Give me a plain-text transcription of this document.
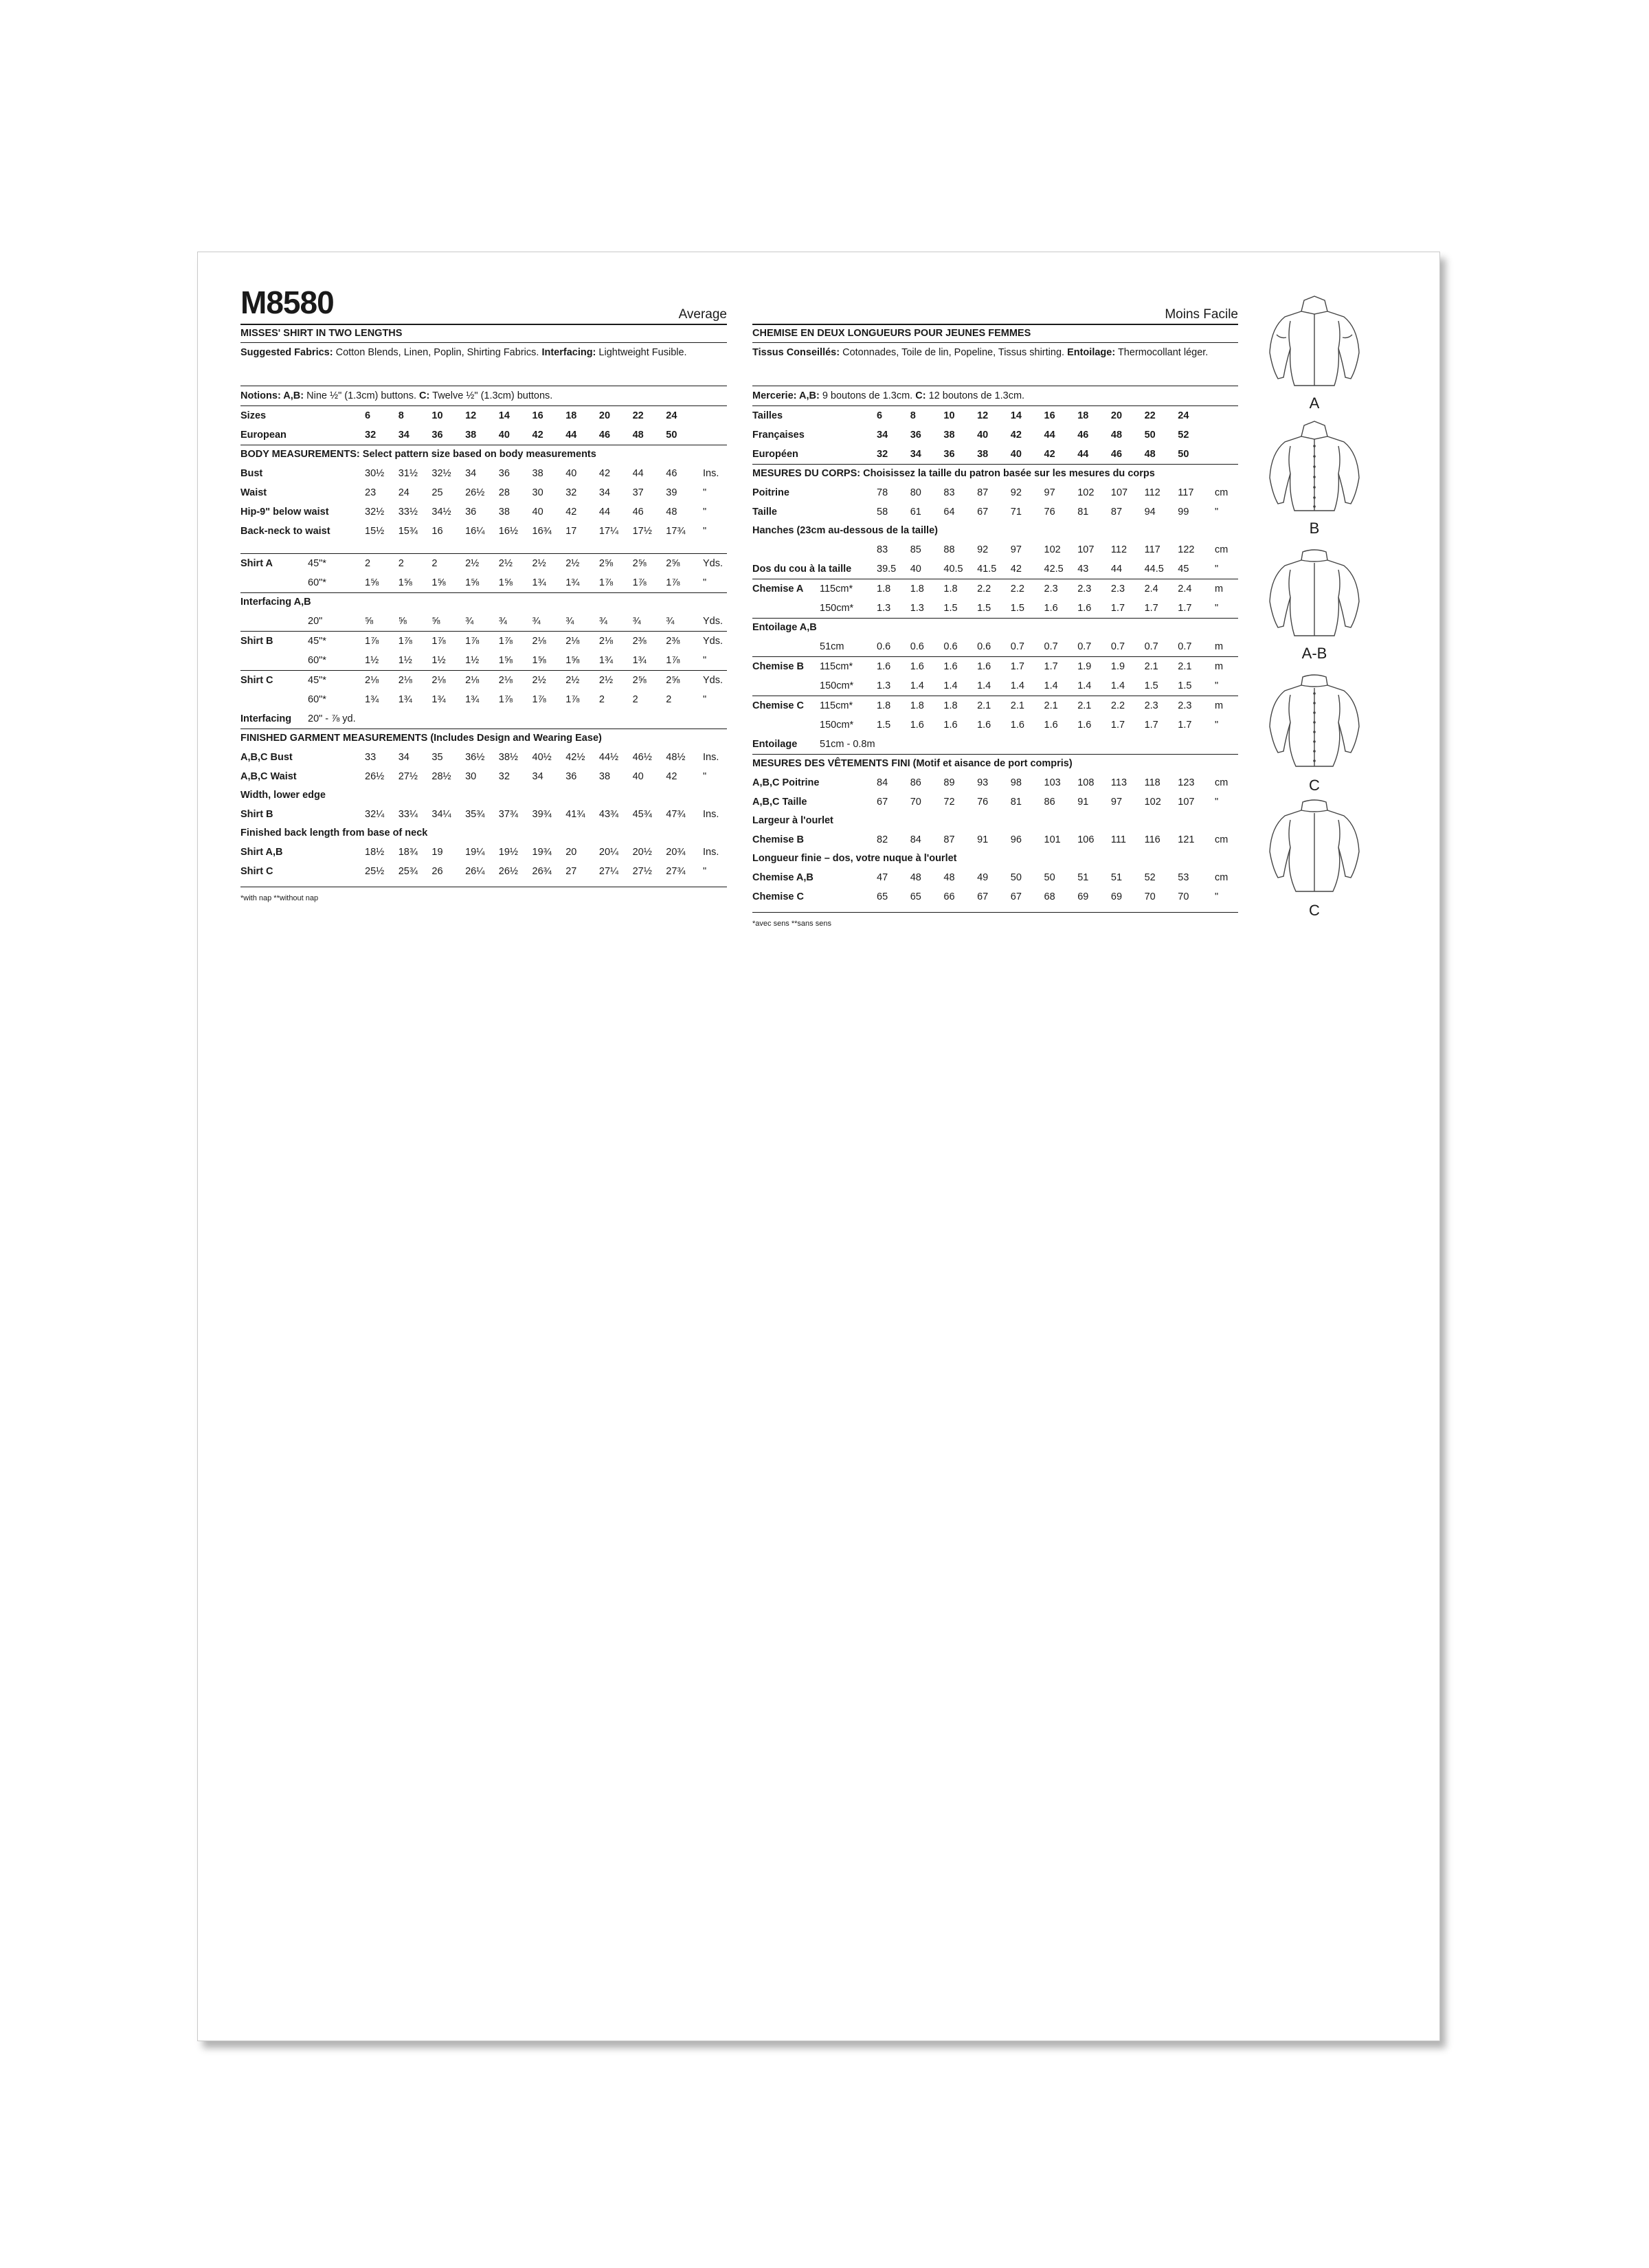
M8580	Average
MISSES' SHIRT IN TWO LENGTHS
Suggested Fabrics: Cotton Blends, Linen, Poplin, Shirting Fabrics. Interfacing: Lightweight Fusible.
Notions: A,B: Nine ½" (1.3cm) buttons. C: Twelve ½" (1.3cm) buttons.
Sizes	6	8	10 12 14 16 18 20 22 24
European	32 34 36 38 40 42 44 46 48 50
BODY MEASUREMENTS: Select pattern size based on body measurements
Bust	30½ 31½ 32½ 34 36 38 40 42 44 46	Ins.
Waist	23 24 25 26½ 28 30 32 34 37 39	"
Hip-9" below waist	32½ 33½ 34½ 36 38 40 42 44 46 48	"
Back-neck to waist	15½ 15¾ 16 16¼ 16½ 16¾ 17 17¼ 17½ 17¾ "
Shirt A	45"*	2	2	2	2½ 2½ 2½ 2½ 2⅝ 2⅝ 2⅝ Yds.
60"*	1⅝ 1⅝ 1⅝ 1⅝ 1⅝ 1¾ 1¾ 1⅞ 1⅞ 1⅞ "
Interfacing A,B
20"	⅝	⅝	⅝	¾	¾	¾	¾	¾	¾	¾	Yds.
Shirt B	45"*	1⅞ 1⅞ 1⅞ 1⅞ 1⅞ 2⅛ 2⅛ 2⅛ 2⅜ 2⅜ Yds.
60"*	1½ 1½ 1½ 1½ 1⅝ 1⅝ 1⅝ 1¾ 1¾ 1⅞ "
Shirt C	45"*	2⅛ 2⅛ 2⅛ 2⅛ 2⅛ 2½ 2½ 2½ 2⅝ 2⅝ Yds.
60"*	1¾ 1¾ 1¾ 1¾ 1⅞ 1⅞ 1⅞ 2	2	2	"
Interfacing 20" - ⅞ yd.
FINISHED GARMENT MEASUREMENTS (Includes Design and Wearing Ease)
A,B,C Bust	33 34 35 36½ 38½ 40½ 42½ 44½ 46½ 48½ Ins.
A,B,C Waist	26½ 27½ 28½ 30 32 34 36 38 40 42	"
Width, lower edge
Shirt B	32¼ 33¼ 34¼ 35¾ 37¾ 39¾ 41¾ 43¾ 45¾ 47¾ Ins.
Finished back length from base of neck
Shirt A,B	18½ 18¾ 19 19¼ 19½ 19¾ 20 20¼ 20½ 20¾ Ins.
Shirt C	25½ 25¾ 26 26¼ 26½ 26¾ 27 27¼ 27½ 27¾ "
*with nap **without nap
Moins Facile
CHEMISE EN DEUX LONGUEURS POUR JEUNES FEMMES
Tissus Conseillés: Cotonnades, Toile de lin, Popeline, Tissus shirting. Entoilage: Thermocollant léger.
Mercerie: A,B: 9 boutons de 1.3cm. C: 12 boutons de 1.3cm.
Tailles	6	8	10 12 14 16 18 20 22 24
Françaises	34 36 38 40 42 44 46 48 50 52
Européen	32 34 36 38 40 42 44 46 48 50
MESURES DU CORPS: Choisissez la taille du patron basée sur les mesures du corps
Poitrine	78 80 83 87 92 97 102 107 112 117 cm
Taille	58 61 64 67 71 76 81 87 94 99	"
Hanches (23cm au-dessous de la taille)
83 85 88 92 97 102 107 112 117 122 cm
Dos du cou à la taille	39.5 40 40.5 41.5 42 42.5 43 44 44.5 45	"
Chemise A 115cm* 1.8 1.8 1.8 2.2 2.2 2.3 2.3 2.3 2.4 2.4 m
150cm* 1.3 1.3 1.5 1.5 1.5 1.6 1.6 1.7 1.7 1.7 "
Entoilage A,B
51cm	0.6 0.6 0.6 0.6 0.7 0.7 0.7 0.7 0.7 0.7 m
Chemise B 115cm* 1.6 1.6 1.6 1.6 1.7 1.7 1.9 1.9 2.1 2.1 m
150cm* 1.3 1.4 1.4 1.4 1.4 1.4 1.4 1.4 1.5 1.5 "
Chemise C 115cm* 1.8 1.8 1.8 2.1 2.1 2.1 2.1 2.2 2.3 2.3 m
150cm* 1.5 1.6 1.6 1.6 1.6 1.6 1.6 1.7 1.7 1.7 "
Entoilage 51cm - 0.8m
MESURES DES VÊTEMENTS FINI (Motif et aisance de port compris)
A,B,C Poitrine	84 86 89 93 98 103 108 113 118 123 cm
A,B,C Taille	67 70 72 76 81 86 91 97 102 107 "
Largeur à l'ourlet
Chemise B	82 84 87 91 96 101 106 111 116 121 cm
Longueur finie – dos, votre nuque à l'ourlet
Chemise A,B	47 48 48 49 50 50 51 51 52 53	cm
Chemise C	65 65 66 67 67 68 69 69 70 70	"
*avec sens **sans sens
A
B
A-B
C
C
